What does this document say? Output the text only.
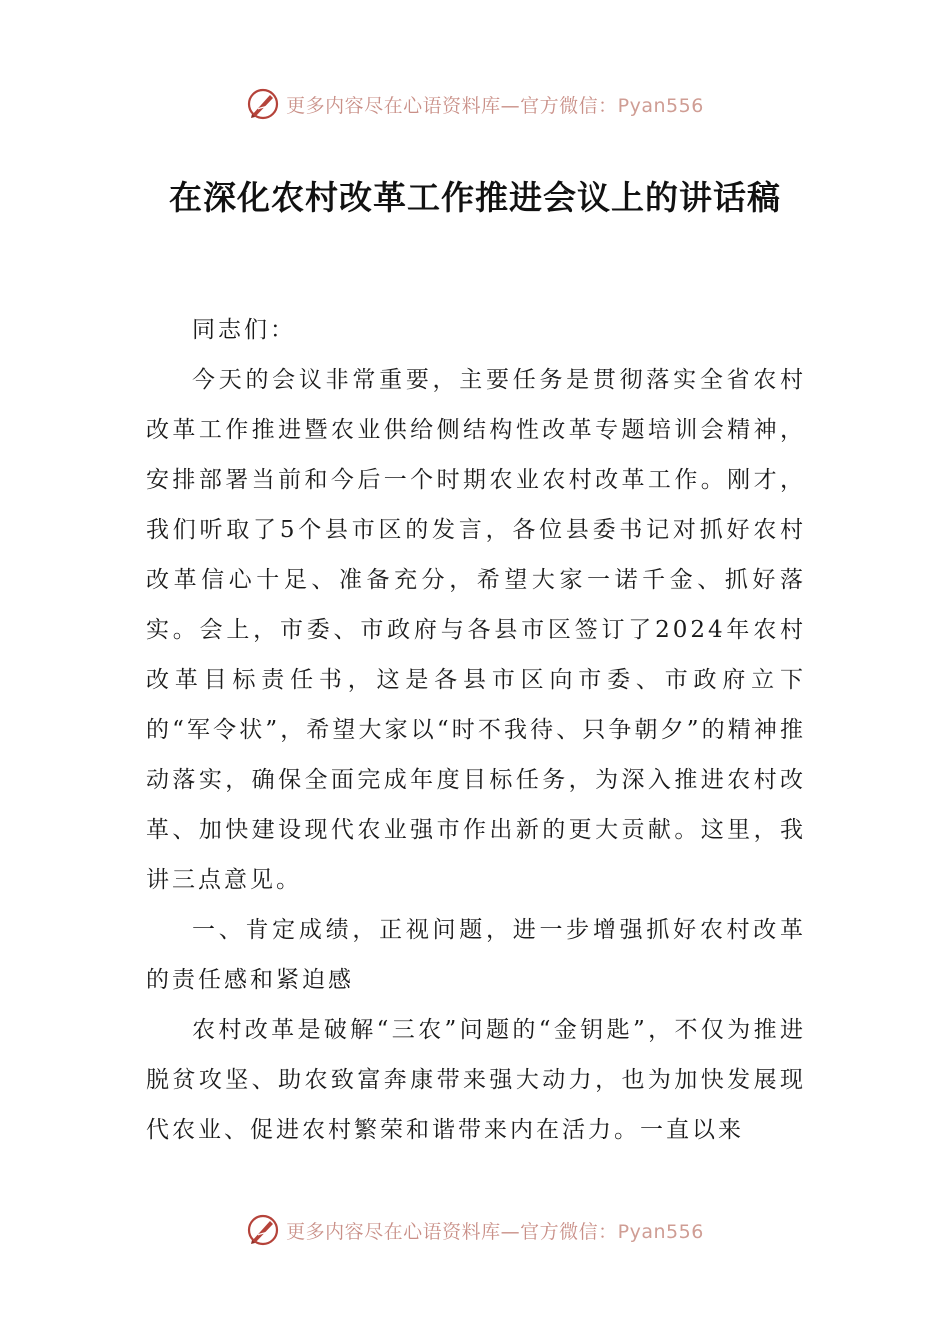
更多内容尽在心语资料库—官方微信：Pyan556
在深化农村改革工作推进会议上的讲话稿

同志们：

今天的会议非常重要，主要任务是贯彻落实全省农村改革工作推进暨农业供给侧结构性改革专题培训会精神，安排部署当前和今后一个时期农业农村改革工作。刚才，我们听取了5个县市区的发言，各位县委书记对抓好农村改革信心十足、准备充分，希望大家一诺千金、抓好落实。会上，市委、市政府与各县市区签订了2024年农村改革目标责任书，这是各县市区向市委、市政府立下的“军令状”，希望大家以“时不我待、只争朝夕”的精神推动落实，确保全面完成年度目标任务，为深入推进农村改革、加快建设现代农业强市作出新的更大贡献。这里，我讲三点意见。

一、肯定成绩，正视问题，进一步增强抓好农村改革的责任感和紧迫感

农村改革是破解“三农”问题的“金钥匙”，不仅为推进脱贫攻坚、助农致富奔康带来强大动力，也为加快发展现代农业、促进农村繁荣和谐带来内在活力。一直以来

更多内容尽在心语资料库—官方微信：Pyan556
